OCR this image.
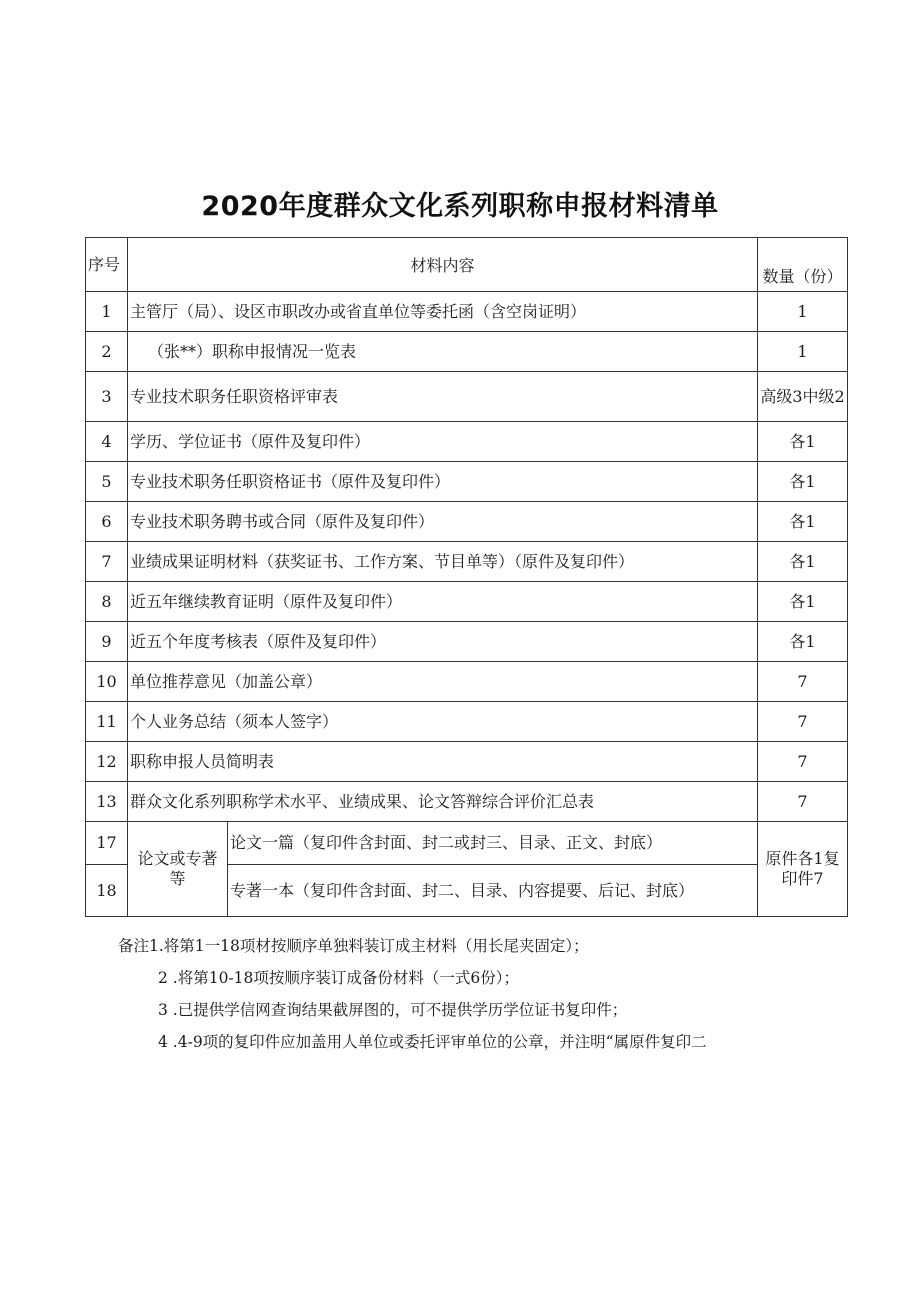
2020年度群众文化系列职称申报材料清单
序号	材料内容		数量（份）
1	主管厅（局）、设区市职改办或省直单位等委托函（含空岗证明）		1
2	（张**）职称申报情况一览表		1
3	专业技术职务任职资格评审表		高级3中级2
4	学历、学位证书（原件及复印件）		各1
5	专业技术职务任职资格证书（原件及复印件）		各1
6	专业技术职务聘书或合同（原件及复印件）		各1
7	业绩成果证明材料（获奖证书、工作方案、节目单等）（原件及复印件）		各1
8	近五年继续教育证明（原件及复印件）		各1
9	近五个年度考核表（原件及复印件）		各1
10	单位推荐意见（加盖公章）		7
11	个人业务总结（须本人签字）		7
12	职称申报人员简明表		7
13	群众文化系列职称学术水平、业绩成果、论文答辩综合评价汇总表		7
17	论文或专著等	论文一篇（复印件含封面、封二或封三、目录、正文、封底）	原件各1复印件7
18		专著一本（复印件含封面、封二、目录、内容提要、后记、封底）	
备注1.将第1一18项材按顺序单独料装订成主材料（用长尾夹固定）；
2 .将第10-18项按顺序装订成备份材料（一式6份）；
3 .已提供学信网查询结果截屏图的，可不提供学历学位证书复印件；
4 .4-9项的复印件应加盖用人单位或委托评审单位的公章，并注明“属原件复印二
